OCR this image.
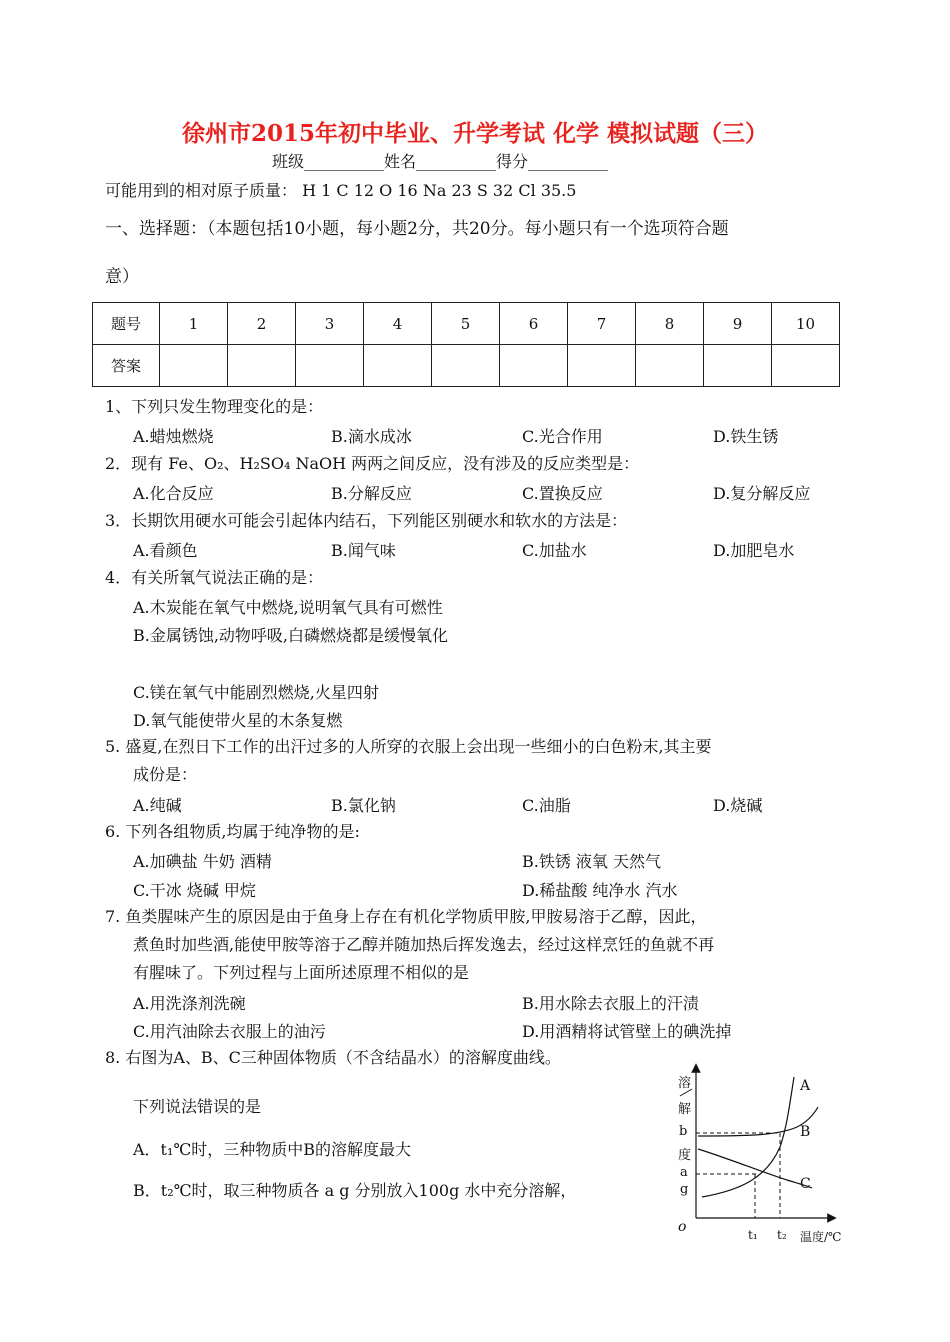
徐州市2015年初中毕业、升学考试 化学 模拟试题（三）
班级__________姓名__________得分__________
可能用到的相对原子质量： H 1 C 12 O 16 Na 23 S 32 Cl 35.5
一、选择题：（本题包括10小题，每小题2分，共20分。每小题只有一个选项符合题
意）
题号	1	2	3	4	5	6	7	8	9	10
答案										
1、下列只发生物理变化的是：
A.蜡烛燃烧	B.滴水成冰	C.光合作用	D.铁生锈
2．现有 Fe、O₂、H₂SO₄ NaOH 两两之间反应，没有涉及的反应类型是：
A.化合反应	B.分解反应	C.置换反应	D.复分解反应
3．长期饮用硬水可能会引起体内结石，下列能区别硬水和软水的方法是：
A.看颜色	B.闻气味	C.加盐水	D.加肥皂水
4．有关所氧气说法正确的是：
A.木炭能在氧气中燃烧,说明氧气具有可燃性
B.金属锈蚀,动物呼吸,白磷燃烧都是缓慢氧化
C.镁在氧气中能剧烈燃烧,火星四射
D.氧气能使带火星的木条复燃
5. 盛夏,在烈日下工作的出汗过多的人所穿的衣服上会出现一些细小的白色粉末,其主要
成份是：
A.纯碱	B.氯化钠	C.油脂	D.烧碱
6. 下列各组物质,均属于纯净物的是:
A.加碘盐 牛奶 酒精	B.铁锈 液氧 天然气
C.干冰 烧碱 甲烷	D.稀盐酸 纯净水 汽水
7. 鱼类腥味产生的原因是由于鱼身上存在有机化学物质甲胺,甲胺易溶于乙醇，因此，
煮鱼时加些酒,能使甲胺等溶于乙醇并随加热后挥发逸去，经过这样烹饪的鱼就不再
有腥味了。下列过程与上面所述原理不相似的是
A.用洗涤剂洗碗	B.用水除去衣服上的汗渍
C.用汽油除去衣服上的油污	D.用酒精将试管壁上的碘洗掉
8. 右图为A、B、C三种固体物质（不含结晶水）的溶解度曲线。
下列说法错误的是
A．t₁℃时，三种物质中B的溶解度最大
B．t₂℃时，取三种物质各 a g 分别放入100g 水中充分溶解，
溶
解
b
度
a
g
o	t₁ t₂ 温度/℃
A
B
C
